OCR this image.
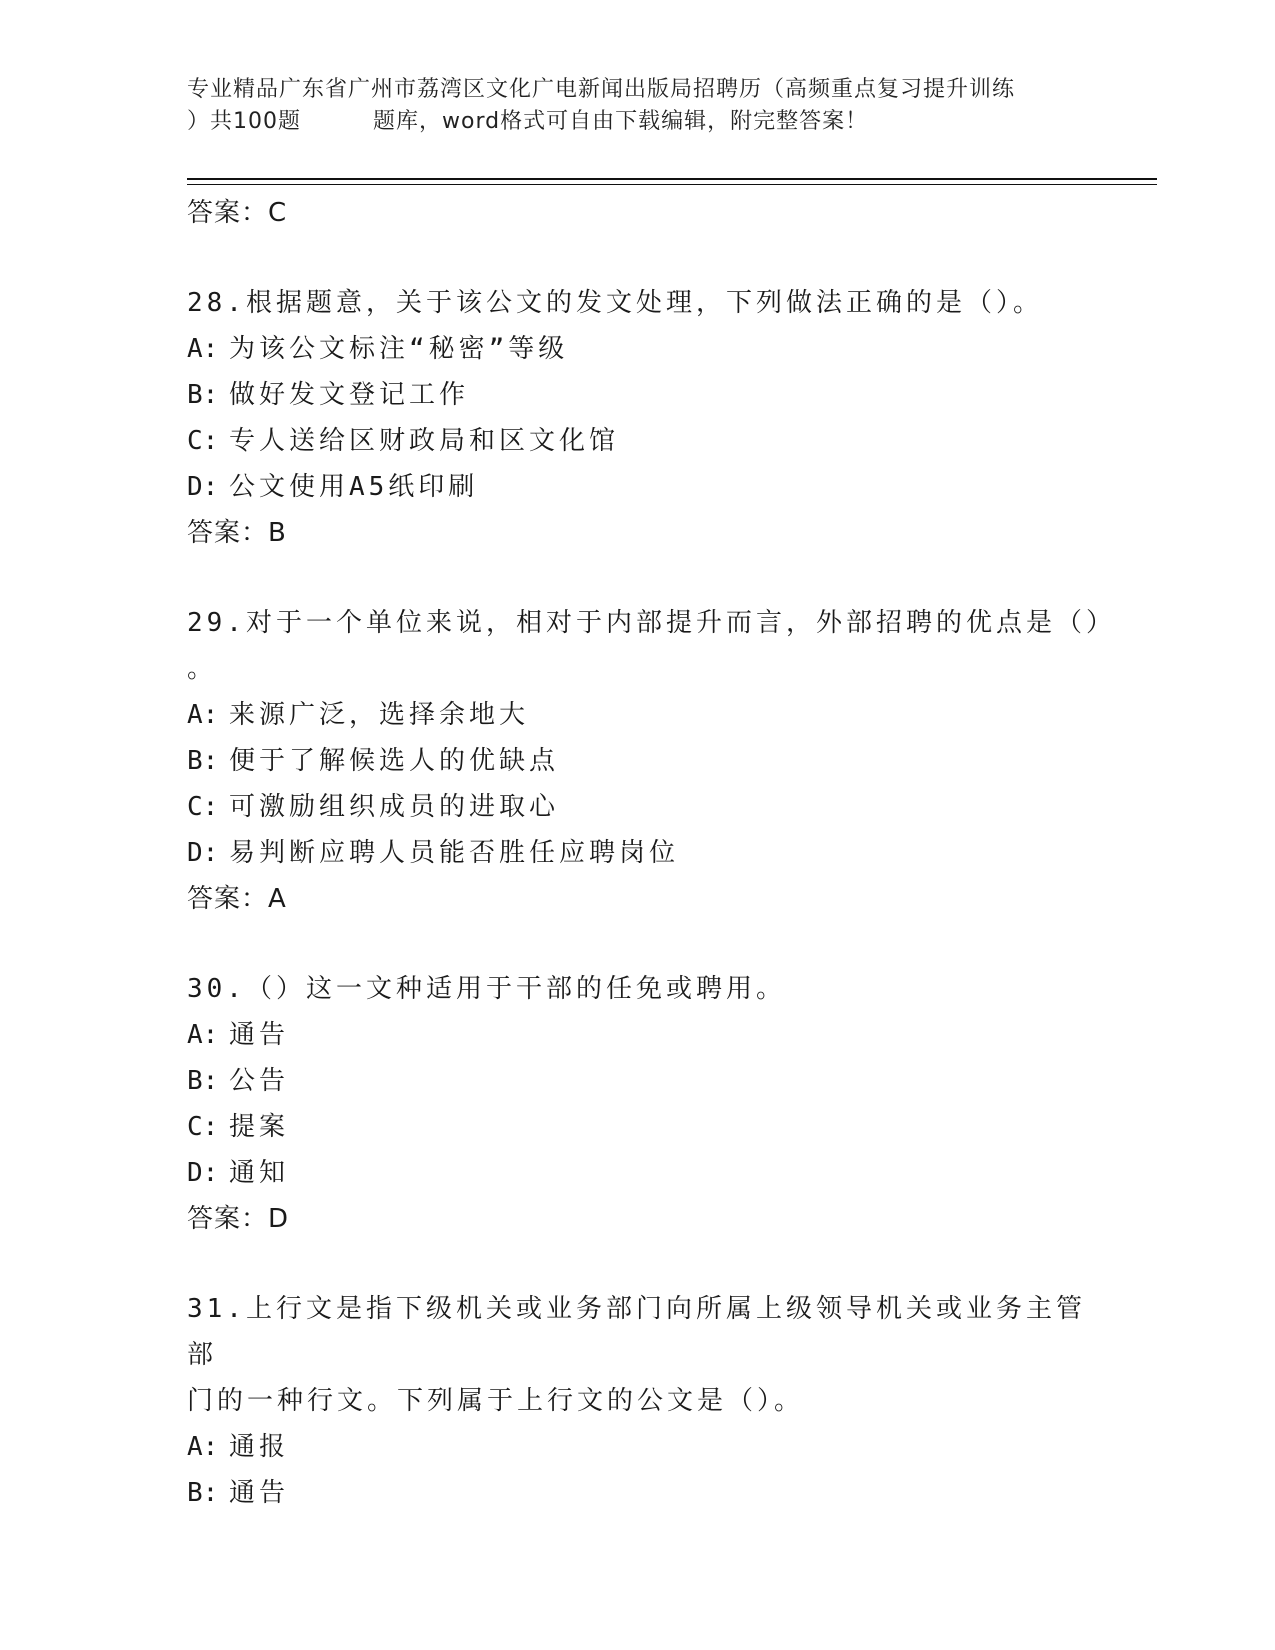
专业精品广东省广州市荔湾区文化广电新闻出版局招聘历（高频重点复习提升训练
）共100题	题库，word格式可自由下载编辑，附完整答案！
答案：C
28.根据题意，关于该公文的发文处理，下列做法正确的是（）。
A: 为该公文标注“秘密”等级
B: 做好发文登记工作
C: 专人送给区财政局和区文化馆
D: 公文使用A5纸印刷
答案：B
29.对于一个单位来说，相对于内部提升而言，外部招聘的优点是（）
。
A: 来源广泛，选择余地大
B: 便于了解候选人的优缺点
C: 可激励组织成员的进取心
D: 易判断应聘人员能否胜任应聘岗位
答案：A
30.（）这一文种适用于干部的任免或聘用。
A: 通告
B: 公告
C: 提案
D: 通知
答案：D
31.上行文是指下级机关或业务部门向所属上级领导机关或业务主管部
门的一种行文。下列属于上行文的公文是（）。
A: 通报
B: 通告
